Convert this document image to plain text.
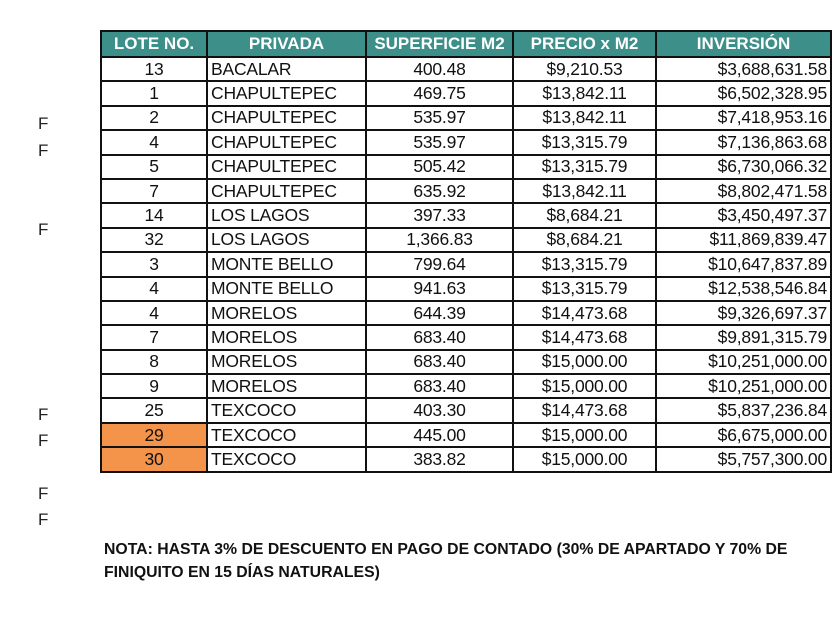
F
F
F
F
F
F
F
LOTE NO.	PRIVADA	SUPERFICIE M2	PRECIO x M2	INVERSIÓN
13	BACALAR	400.48	$9,210.53	$3,688,631.58
1	CHAPULTEPEC	469.75	$13,842.11	$6,502,328.95
2	CHAPULTEPEC	535.97	$13,842.11	$7,418,953.16
4	CHAPULTEPEC	535.97	$13,315.79	$7,136,863.68
5	CHAPULTEPEC	505.42	$13,315.79	$6,730,066.32
7	CHAPULTEPEC	635.92	$13,842.11	$8,802,471.58
14	LOS LAGOS	397.33	$8,684.21	$3,450,497.37
32	LOS LAGOS	1,366.83	$8,684.21	$11,869,839.47
3	MONTE BELLO	799.64	$13,315.79	$10,647,837.89
4	MONTE BELLO	941.63	$13,315.79	$12,538,546.84
4	MORELOS	644.39	$14,473.68	$9,326,697.37
7	MORELOS	683.40	$14,473.68	$9,891,315.79
8	MORELOS	683.40	$15,000.00	$10,251,000.00
9	MORELOS	683.40	$15,000.00	$10,251,000.00
25	TEXCOCO	403.30	$14,473.68	$5,837,236.84
29	TEXCOCO	445.00	$15,000.00	$6,675,000.00
30	TEXCOCO	383.82	$15,000.00	$5,757,300.00
NOTA: HASTA 3% DE DESCUENTO EN PAGO DE CONTADO (30% DE APARTADO Y 70% DE FINIQUITO EN 15 DÍAS NATURALES)
